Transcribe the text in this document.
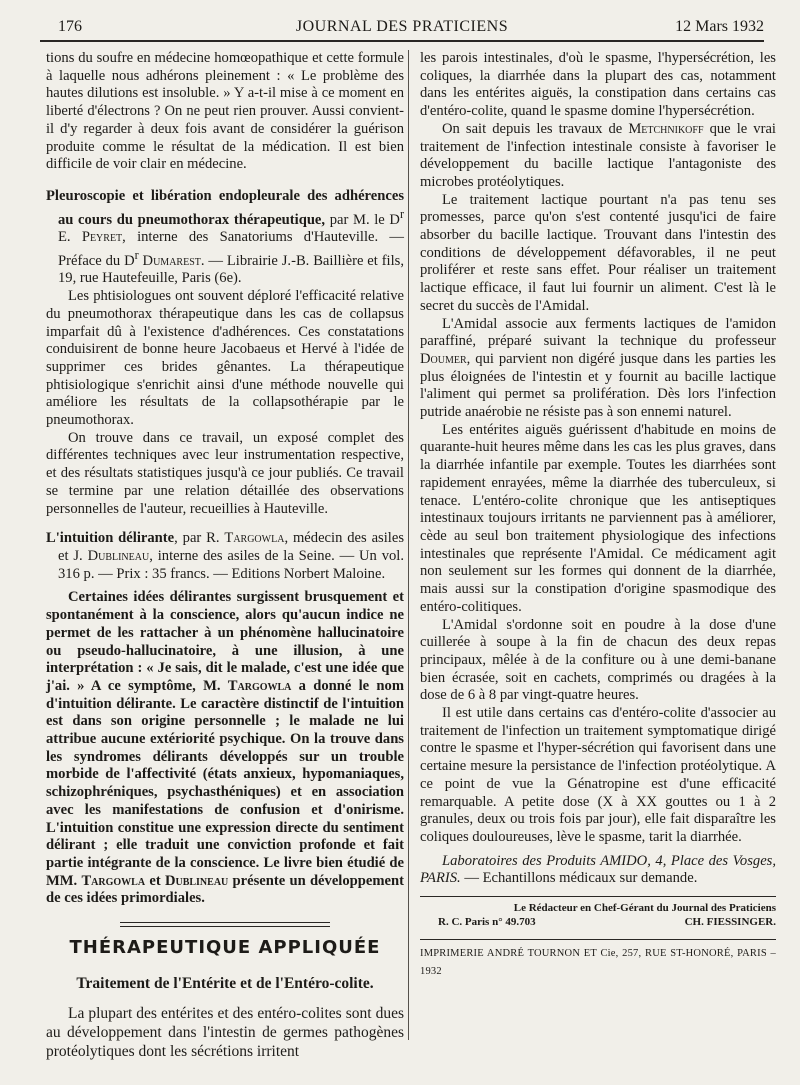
176	JOURNAL DES PRATICIENS	12 Mars 1932

tions du soufre en médecine homœopathique et cette formule à laquelle nous adhérons pleinement : « Le problème des hautes dilutions est insoluble. » Y a-t-il mise à ce moment en liberté d'électrons ? On ne peut rien prouver. Aussi convient-il d'y regarder à deux fois avant de considérer la guérison produite comme le résultat de la médication. Il est bien difficile de voir clair en médecine.

Pleuroscopie et libération endopleurale des adhérences au cours du pneumothorax thérapeutique, par M. le $D^r$ E. Peyret, interne des Sanatoriums d'Hauteville. — Préface du $D^r$ Dumarest. — Librairie J.-B. Baillière et fils, 19, rue Hautefeuille, Paris (6e).

Les phtisiologues ont souvent déploré l'efficacité relative du pneumothorax thérapeutique dans les cas de collapsus imparfait dû à l'existence d'adhérences. Ces constatations conduisirent de bonne heure Jacobaeus et Hervé à l'idée de supprimer ces brides gênantes. La thérapeutique phtisiologique s'enrichit ainsi d'une méthode nouvelle qui améliore les résultats de la collapsothérapie par le pneumothorax.

On trouve dans ce travail, un exposé complet des différentes techniques avec leur instrumentation respective, et des résultats statistiques jusqu'à ce jour publiés. Ce travail se termine par une relation détaillée des observations personnelles de l'auteur, recueillies à Hauteville.

L'intuition délirante, par R. Targowla, médecin des asiles et J. Dublineau, interne des asiles de la Seine. — Un vol. 316 p. — Prix : 35 francs. — Editions Norbert Maloine.

Certaines idées délirantes surgissent brusquement et spontanément à la conscience, alors qu'aucun indice ne permet de les rattacher à un phénomène hallucinatoire ou pseudo-hallucinatoire, à une illusion, à une interprétation : « Je sais, dit le malade, c'est une idée que j'ai. » A ce symptôme, M. Targowla a donné le nom d'intuition délirante. Le caractère distinctif de l'intuition est dans son origine personnelle ; le malade ne lui attribue aucune extériorité psychique. On la trouve dans les syndromes délirants développés sur un trouble morbide de l'affectivité (états anxieux, hypomaniaques, schizophréniques, psychasthéniques) et en association avec les manifestations de confusion et d'onirisme. L'intuition constitue une expression directe du sentiment délirant ; elle traduit une conviction profonde et fait partie intégrante de la conscience. Le livre bien étudié de MM. Targowla et Dublineau présente un développement de ces idées primordiales.

THÉRAPEUTIQUE APPLIQUÉE
Traitement de l'Entérite et de l'Entéro-colite.

La plupart des entérites et des entéro-colites sont dues au développement dans l'intestin de germes pathogènes protéolytiques dont les sécrétions irritent

les parois intestinales, d'où le spasme, l'hypersécrétion, les coliques, la diarrhée dans la plupart des cas, notamment dans les entérites aiguës, la constipation dans certains cas d'entéro-colite, quand le spasme domine l'hypersécrétion.

On sait depuis les travaux de Metchnikoff que le vrai traitement de l'infection intestinale consiste à favoriser le développement du bacille lactique l'antagoniste des microbes protéolytiques.

Le traitement lactique pourtant n'a pas tenu ses promesses, parce qu'on s'est contenté jusqu'ici de faire absorber du bacille lactique. Trouvant dans l'intestin des conditions de développement défavorables, il ne peut proliférer et reste sans effet. Pour réaliser un traitement lactique efficace, il faut lui fournir un aliment. C'est là le secret du succès de l'Amidal.

L'Amidal associe aux ferments lactiques de l'amidon paraffiné, préparé suivant la technique du professeur Doumer, qui parvient non digéré jusque dans les parties les plus éloignées de l'intestin et y fournit au bacille lactique l'aliment qui permet sa prolifération. Dès lors l'infection putride anaérobie ne résiste pas à son ennemi naturel.

Les entérites aiguës guérissent d'habitude en moins de quarante-huit heures même dans les cas les plus graves, dans la diarrhée infantile par exemple. Toutes les diarrhées sont rapidement enrayées, même la diarrhée des tuberculeux, si tenace. L'entéro-colite chronique que les antiseptiques intestinaux toujours irritants ne parviennent pas à améliorer, cède au seul bon traitement physiologique des infections intestinales que représente l'Amidal. Ce médicament agit non seulement sur les formes qui donnent de la diarrhée, mais aussi sur la constipation d'origine spasmodique des entéro-colitiques.

L'Amidal s'ordonne soit en poudre à la dose d'une cuillerée à soupe à la fin de chacun des deux repas principaux, mêlée à de la confiture ou à une demi-banane bien écrasée, soit en cachets, comprimés ou dragées à la dose de 6 à 8 par vingt-quatre heures.

Il est utile dans certains cas d'entéro-colite d'associer au traitement de l'infection un traitement symptomatique dirigé contre le spasme et l'hyper-sécrétion qui favorisent dans une certaine mesure la persistance de l'infection protéolytique. A ce point de vue la Génatropine est d'une efficacité remarquable. A petite dose (X à XX gouttes ou 1 à 2 granules, deux ou trois fois par jour), elle fait disparaître les coliques douloureuses, lève le spasme, tarit la diarrhée.

Laboratoires des Produits AMIDO, 4, Place des Vosges, PARIS. — Echantillons médicaux sur demande.

Le Rédacteur en Chef-Gérant du Journal des Praticiens
R. C. Paris n° 49.703	CH. FIESSINGER.
IMPRIMERIE ANDRÉ TOURNON ET Cie, 257, RUE ST-HONORÉ, PARIS – 1932
